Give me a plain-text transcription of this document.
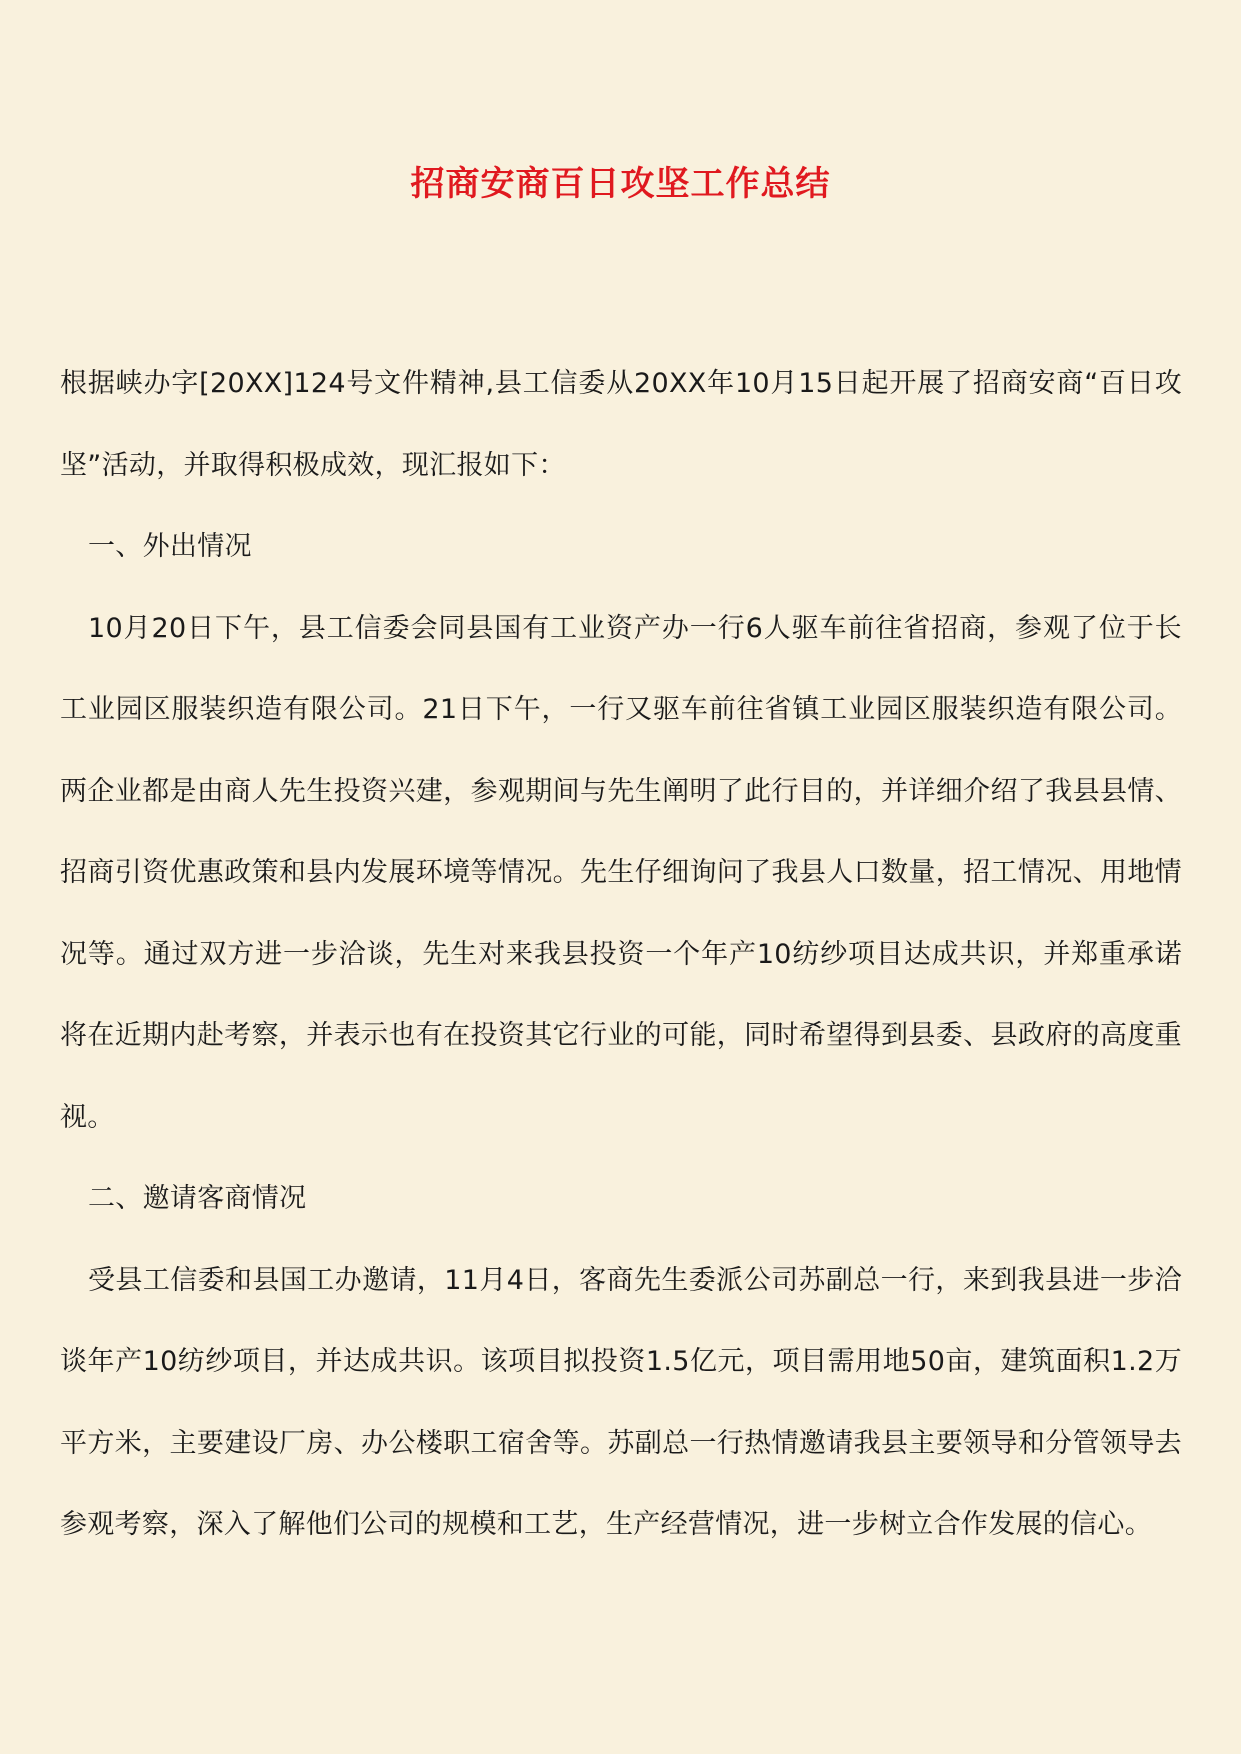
招商安商百日攻坚工作总结

根据峡办字[20XX]124号文件精神,县工信委从20XX年10月15日起开展了招商安商“百日攻坚”活动，并取得积极成效，现汇报如下：

一、外出情况

10月20日下午，县工信委会同县国有工业资产办一行6人驱车前往省招商，参观了位于长工业园区服装织造有限公司。21日下午，一行又驱车前往省镇工业园区服装织造有限公司。两企业都是由商人先生投资兴建，参观期间与先生阐明了此行目的，并详细介绍了我县县情、招商引资优惠政策和县内发展环境等情况。先生仔细询问了我县人口数量，招工情况、用地情况等。通过双方进一步洽谈，先生对来我县投资一个年产10纺纱项目达成共识，并郑重承诺将在近期内赴考察，并表示也有在投资其它行业的可能，同时希望得到县委、县政府的高度重视。

二、邀请客商情况

受县工信委和县国工办邀请，11月4日，客商先生委派公司苏副总一行，来到我县进一步洽谈年产10纺纱项目，并达成共识。该项目拟投资1.5亿元，项目需用地50亩，建筑面积1.2万平方米，主要建设厂房、办公楼职工宿舍等。苏副总一行热情邀请我县主要领导和分管领导去参观考察，深入了解他们公司的规模和工艺，生产经营情况，进一步树立合作发展的信心。
